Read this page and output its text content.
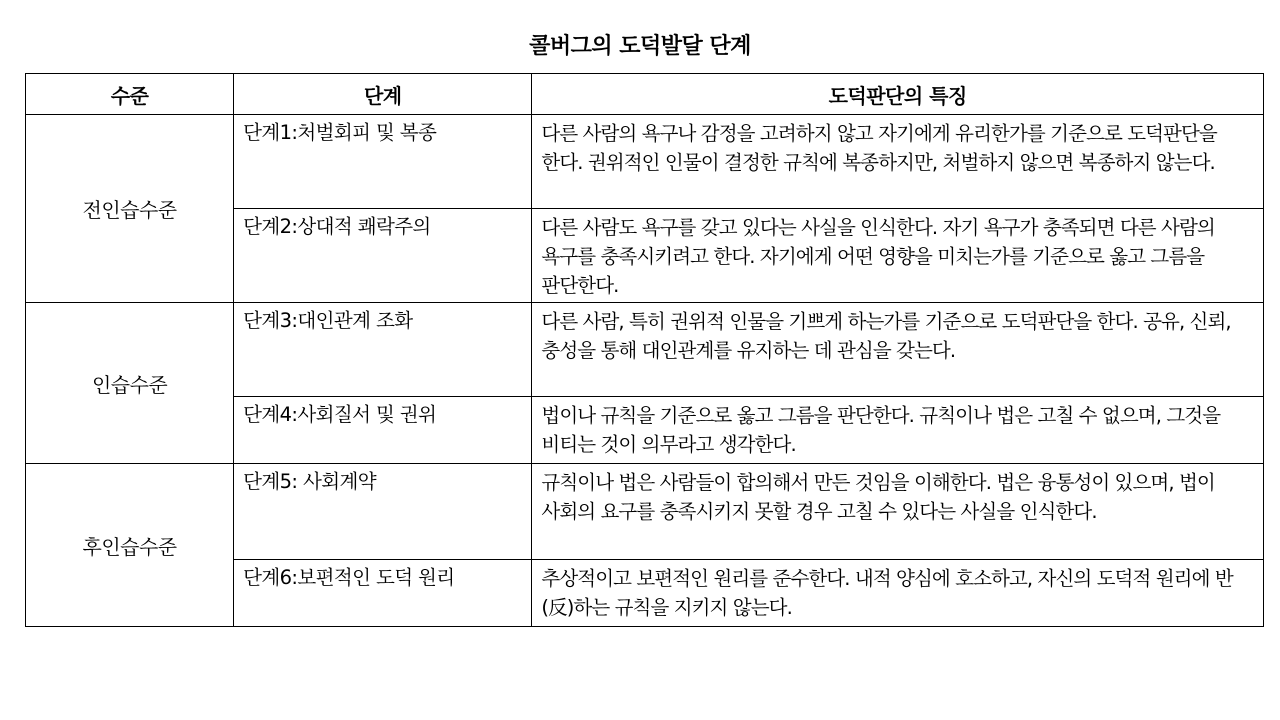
콜버그의 도덕발달 단계
수준	단계	도덕판단의 특징
전인습수준	단계1:처벌회피 및 복종	다른 사람의 욕구나 감정을 고려하지 않고 자기에게 유리한가를 기준으로 도덕판단을 한다. 권위적인 인물이 결정한 규칙에 복종하지만, 처벌하지 않으면 복종하지 않는다.
	단계2:상대적 쾌락주의	다른 사람도 욕구를 갖고 있다는 사실을 인식한다. 자기 욕구가 충족되면 다른 사람의 욕구를 충족시키려고 한다. 자기에게 어떤 영향을 미치는가를 기준으로 옳고 그름을 판단한다.
인습수준	단계3:대인관계 조화	다른 사람, 특히 권위적 인물을 기쁘게 하는가를 기준으로 도덕판단을 한다. 공유, 신뢰, 충성을 통해 대인관계를 유지하는 데 관심을 갖는다.
	단계4:사회질서 및 권위	법이나 규칙을 기준으로 옳고 그름을 판단한다. 규칙이나 법은 고칠 수 없으며, 그것을 비티는 것이 의무라고 생각한다.
후인습수준	단계5: 사회계약	규칙이나 법은 사람들이 합의해서 만든 것임을 이해한다. 법은 융통성이 있으며, 법이 사회의 요구를 충족시키지 못할 경우 고칠 수 있다는 사실을 인식한다.
	단계6:보편적인 도덕 원리	추상적이고 보편적인 원리를 준수한다. 내적 양심에 호소하고, 자신의 도덕적 원리에 반(反)하는 규칙을 지키지 않는다.
